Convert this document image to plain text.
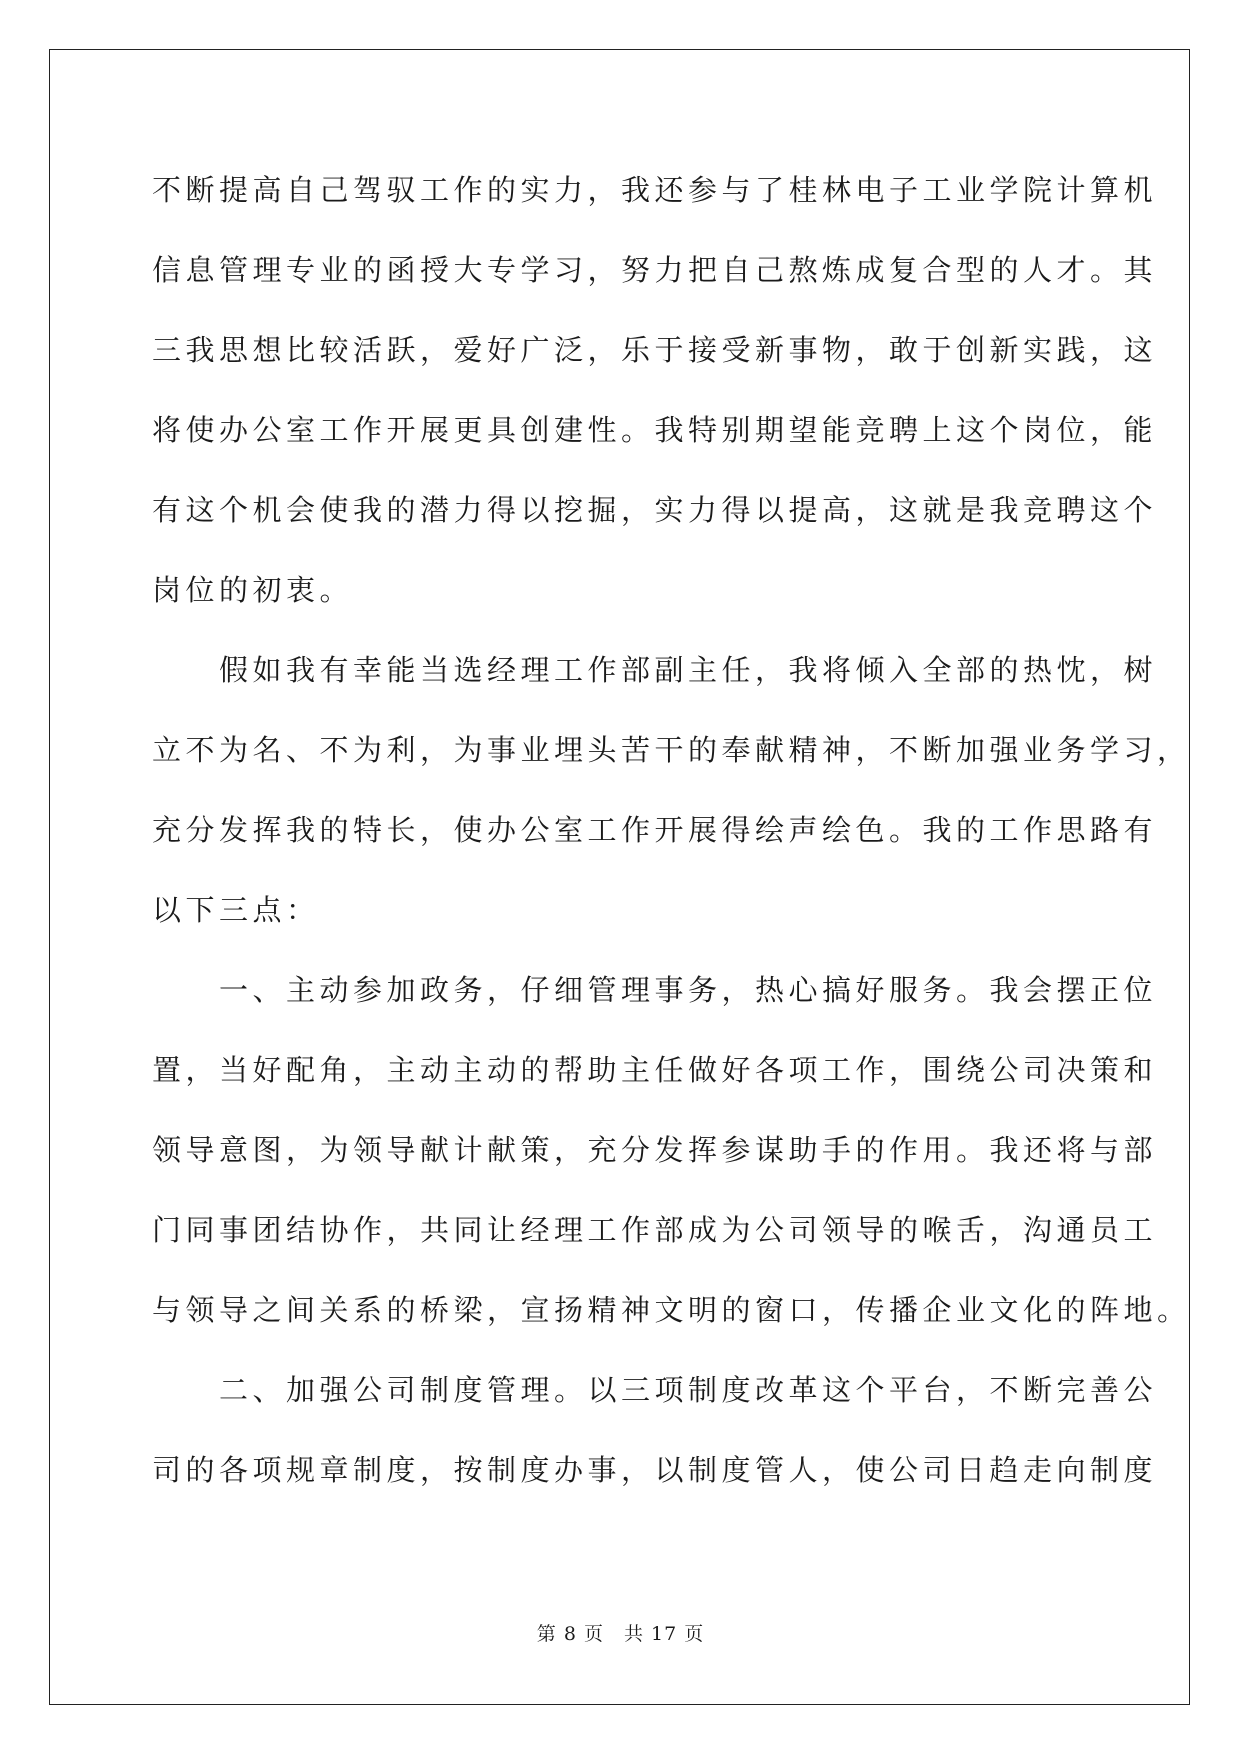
不断提高自己驾驭工作的实力，我还参与了桂林电子工业学院计算机
信息管理专业的函授大专学习，努力把自己熬炼成复合型的人才。其
三我思想比较活跃，爱好广泛，乐于接受新事物，敢于创新实践，这
将使办公室工作开展更具创建性。我特别期望能竞聘上这个岗位，能
有这个机会使我的潜力得以挖掘，实力得以提高，这就是我竞聘这个
岗位的初衷。
　　假如我有幸能当选经理工作部副主任，我将倾入全部的热忱，树
立不为名、不为利，为事业埋头苦干的奉献精神，不断加强业务学习，
充分发挥我的特长，使办公室工作开展得绘声绘色。我的工作思路有
以下三点：
　　一、主动参加政务，仔细管理事务，热心搞好服务。我会摆正位
置，当好配角，主动主动的帮助主任做好各项工作，围绕公司决策和
领导意图，为领导献计献策，充分发挥参谋助手的作用。我还将与部
门同事团结协作，共同让经理工作部成为公司领导的喉舌，沟通员工
与领导之间关系的桥梁，宣扬精神文明的窗口，传播企业文化的阵地。
　　二、加强公司制度管理。以三项制度改革这个平台，不断完善公
司的各项规章制度，按制度办事，以制度管人，使公司日趋走向制度
第 8 页 共 17 页
